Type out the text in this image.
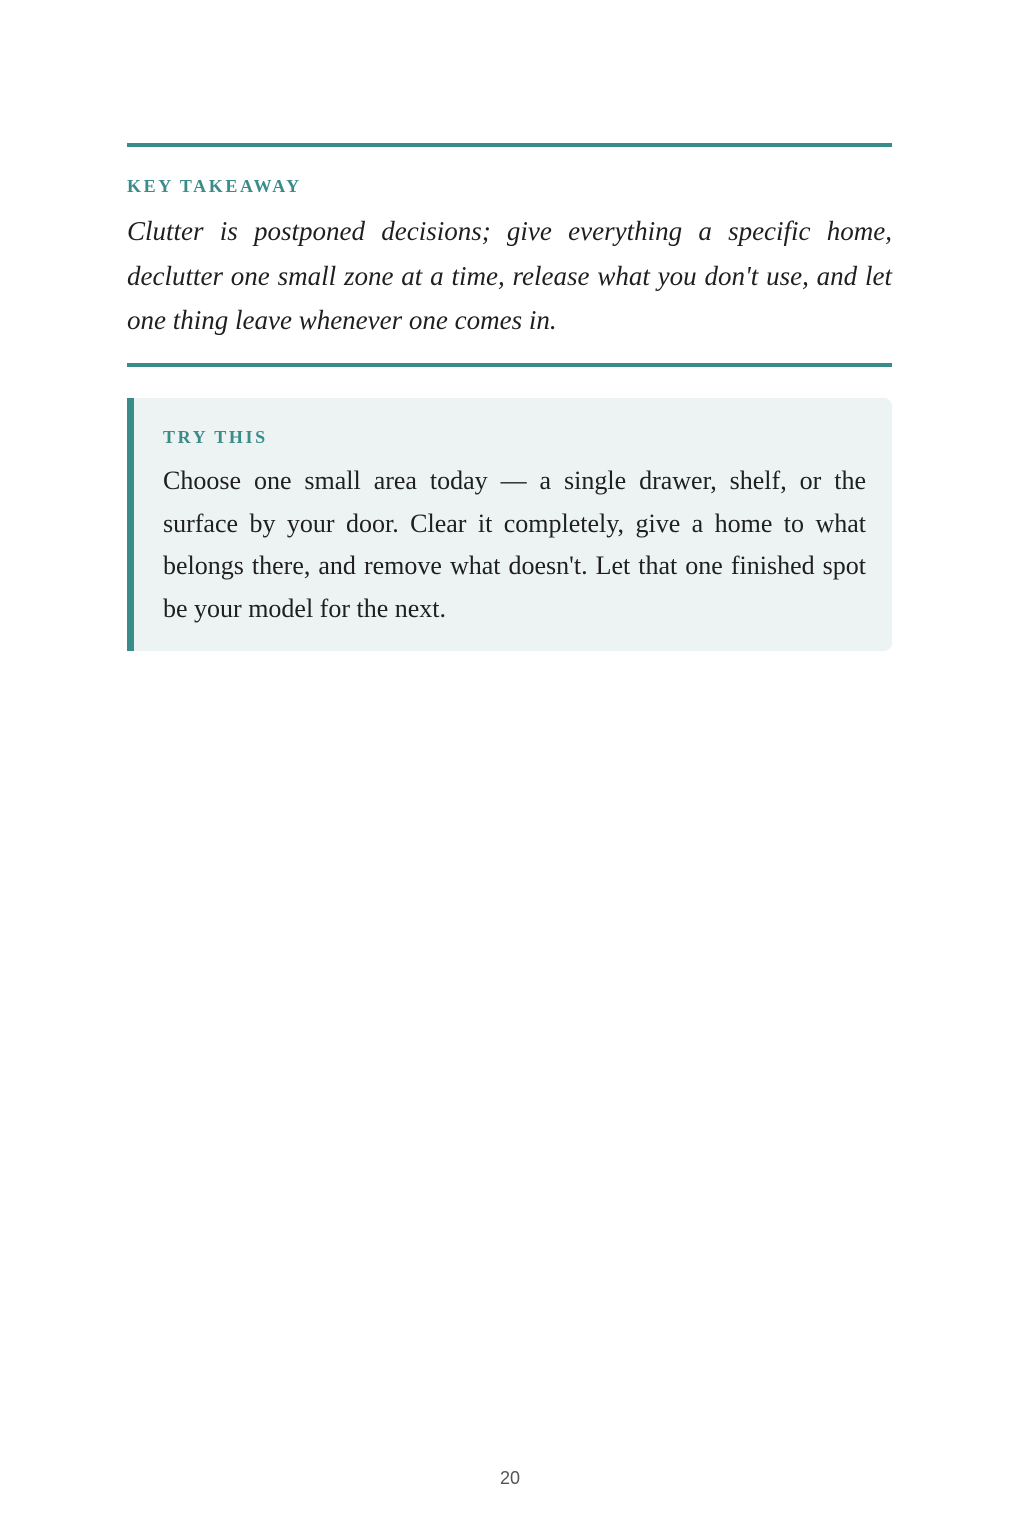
KEY TAKEAWAY

Clutter is postponed decisions; give everything a specific home, declutter one small zone at a time, release what you don't use, and let one thing leave whenever one comes in.

TRY THIS

Choose one small area today — a single drawer, shelf, or the surface by your door. Clear it completely, give a home to what belongs there, and remove what doesn't. Let that one finished spot be your model for the next.

20
